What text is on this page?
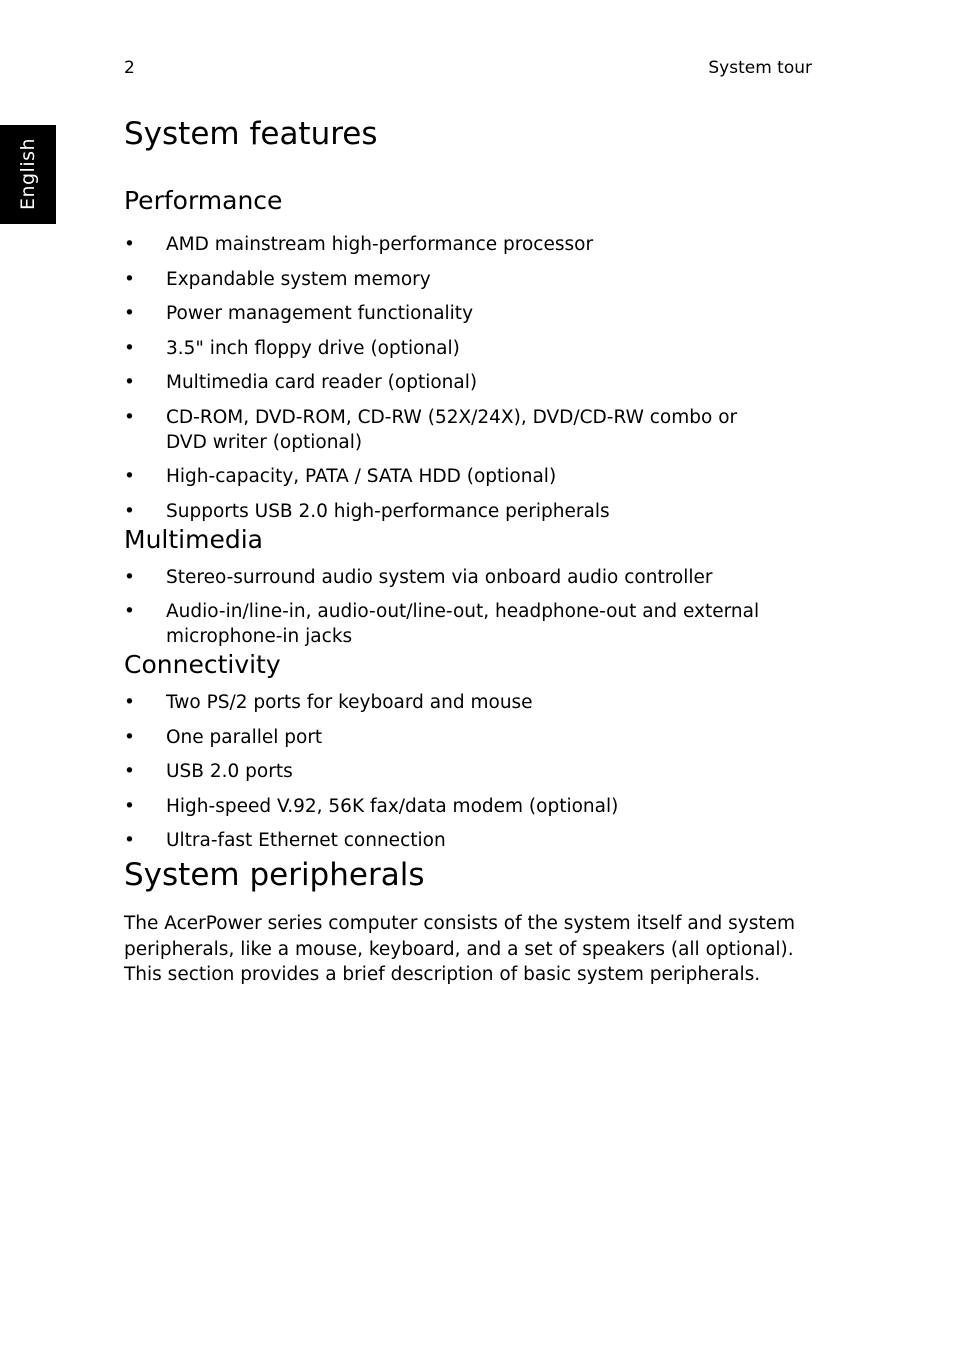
2	System tour
English
System features
Performance
• AMD mainstream high-performance processor
• Expandable system memory
• Power management functionality
• 3.5" inch floppy drive (optional)
• Multimedia card reader (optional)
• CD-ROM, DVD-ROM, CD-RW (52X/24X), DVD/CD-RW combo or DVD writer (optional)
• High-capacity, PATA / SATA HDD (optional)
• Supports USB 2.0 high-performance peripherals
Multimedia
• Stereo-surround audio system via onboard audio controller
• Audio-in/line-in, audio-out/line-out, headphone-out and external microphone-in jacks
Connectivity
• Two PS/2 ports for keyboard and mouse
• One parallel port
• USB 2.0 ports
• High-speed V.92, 56K fax/data modem (optional)
• Ultra-fast Ethernet connection
System peripherals

The AcerPower series computer consists of the system itself and system peripherals, like a mouse, keyboard, and a set of speakers (all optional). This section provides a brief description of basic system peripherals.
